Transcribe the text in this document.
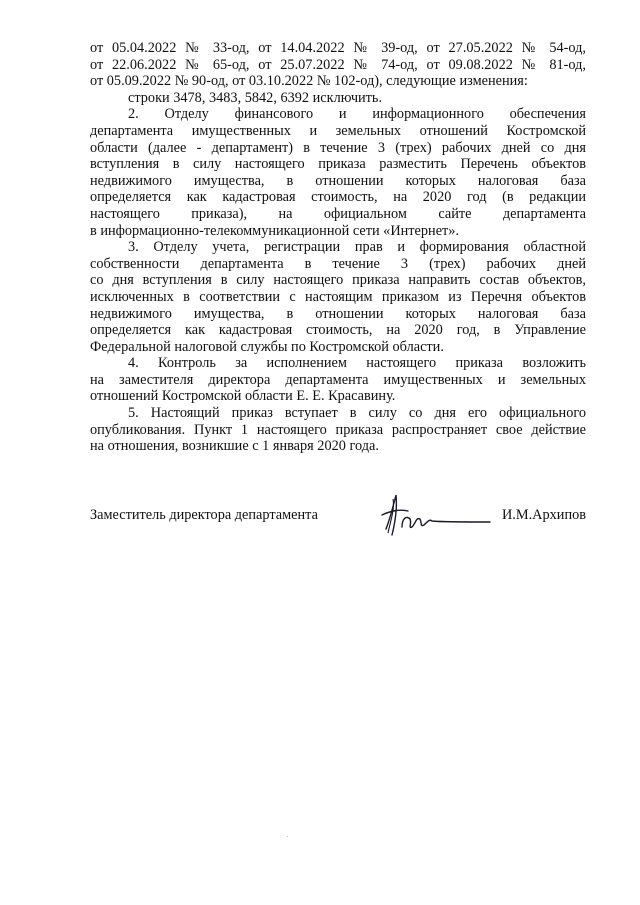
от 05.04.2022 № 33-од, от 14.04.2022 № 39-од, от 27.05.2022 № 54-од,
от 22.06.2022 № 65-од, от 25.07.2022 № 74-од, от 09.08.2022 № 81-од,
от 05.09.2022 № 90-од, от 03.10.2022 № 102-од), следующие изменения:
строки 3478, 3483, 5842, 6392 исключить.
2. Отделу финансового и информационного обеспечения
департамента имущественных и земельных отношений Костромской
области (далее - департамент) в течение 3 (трех) рабочих дней со дня
вступления в силу настоящего приказа разместить Перечень объектов
недвижимого имущества, в отношении которых налоговая база
определяется как кадастровая стоимость, на 2020 год (в редакции
настоящего приказа), на официальном сайте департамента
в информационно-телекоммуникационной сети «Интернет».
3. Отделу учета, регистрации прав и формирования областной
собственности департамента в течение 3 (трех) рабочих дней
со дня вступления в силу настоящего приказа направить состав объектов,
исключенных в соответствии с настоящим приказом из Перечня объектов
недвижимого имущества, в отношении которых налоговая база
определяется как кадастровая стоимость, на 2020 год, в Управление
Федеральной налоговой службы по Костромской области.
4. Контроль за исполнением настоящего приказа возложить
на заместителя директора департамента имущественных и земельных
отношений Костромской области Е. Е. Красавину.
5. Настоящий приказ вступает в силу со дня его официального
опубликования. Пункт 1 настоящего приказа распространяет свое действие
на отношения, возникшие с 1 января 2020 года.
Заместитель директора департамента	И.М.Архипов
